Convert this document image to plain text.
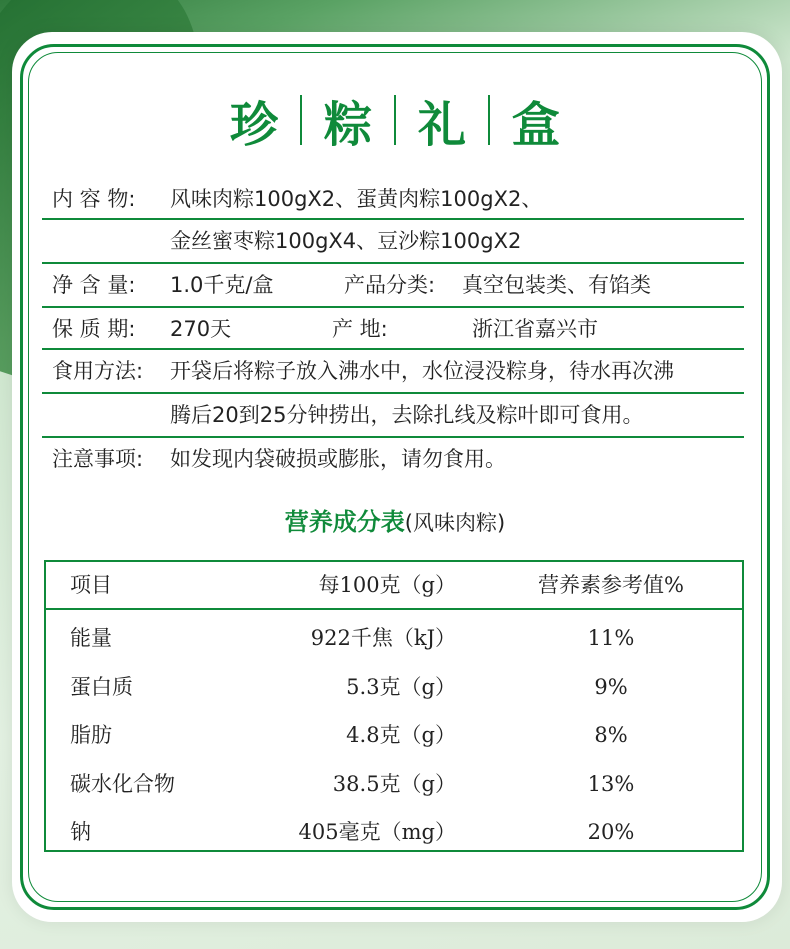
珍 粽 礼 盒
内 容 物: 风味肉粽100gX2、蛋黄肉粽100gX2、
金丝蜜枣粽100gX4、豆沙粽100gX2
净 含 量: 1.0千克/盒	产品分类: 真空包装类、有馅类
保 质 期: 270天	产 地:	浙江省嘉兴市
食用方法: 开袋后将粽子放入沸水中，水位浸没粽身，待水再次沸
腾后20到25分钟捞出，去除扎线及粽叶即可食用。
注意事项: 如发现内袋破损或膨胀，请勿食用。
营养成分表(风味肉粽)
项目	每100克（g）	营养素参考值%
能量	922千焦（kJ）	11%
蛋白质	5.3克（g）	9%
脂肪	4.8克（g）	8%
碳水化合物	38.5克（g）	13%
钠	405毫克（mg）	20%
